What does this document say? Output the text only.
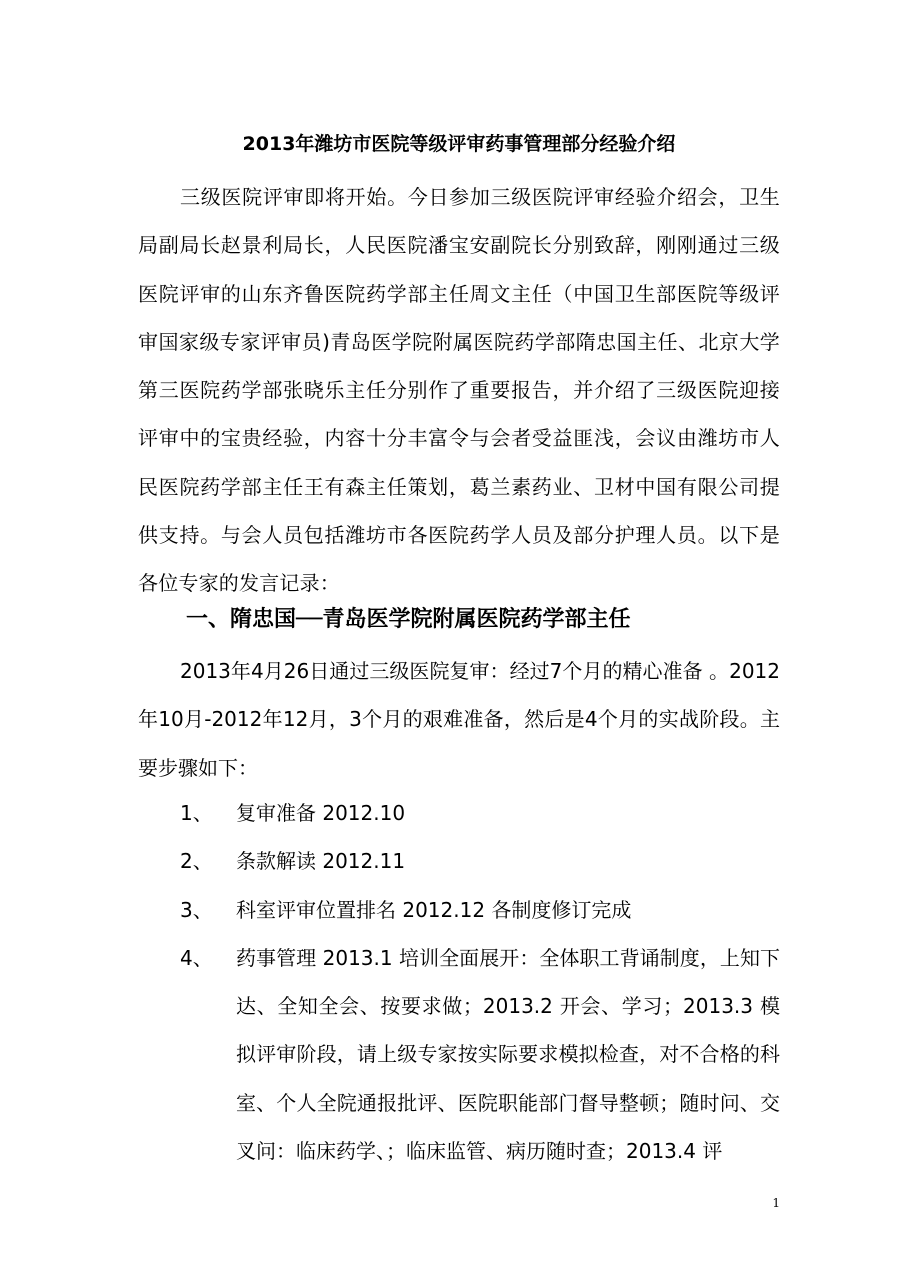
2013年潍坊市医院等级评审药事管理部分经验介绍

三级医院评审即将开始。今日参加三级医院评审经验介绍会，卫生局副局长赵景利局长，人民医院潘宝安副院长分别致辞，刚刚通过三级医院评审的山东齐鲁医院药学部主任周文主任（中国卫生部医院等级评审国家级专家评审员)青岛医学院附属医院药学部隋忠国主任、北京大学第三医院药学部张晓乐主任分别作了重要报告，并介绍了三级医院迎接评审中的宝贵经验，内容十分丰富令与会者受益匪浅，会议由潍坊市人民医院药学部主任王有森主任策划，葛兰素药业、卫材中国有限公司提供支持。与会人员包括潍坊市各医院药学人员及部分护理人员。以下是各位专家的发言记录：

一、隋忠国──青岛医学院附属医院药学部主任

2013年4月26日通过三级医院复审：经过7个月的精心准备 。2012年10月-2012年12月，3个月的艰难准备，然后是4个月的实战阶段。主要步骤如下：

1、 复审准备 2012.10
2、 条款解读 2012.11
3、 科室评审位置排名 2012.12 各制度修订完成
4、 药事管理 2013.1 培训全面展开：全体职工背诵制度，上知下达、全知全会、按要求做；2013.2 开会、学习；2013.3 模拟评审阶段，请上级专家按实际要求模拟检查，对不合格的科室、个人全院通报批评、医院职能部门督导整顿；随时问、交叉问：临床药学、；临床监管、病历随时查；2013.4 评
1
